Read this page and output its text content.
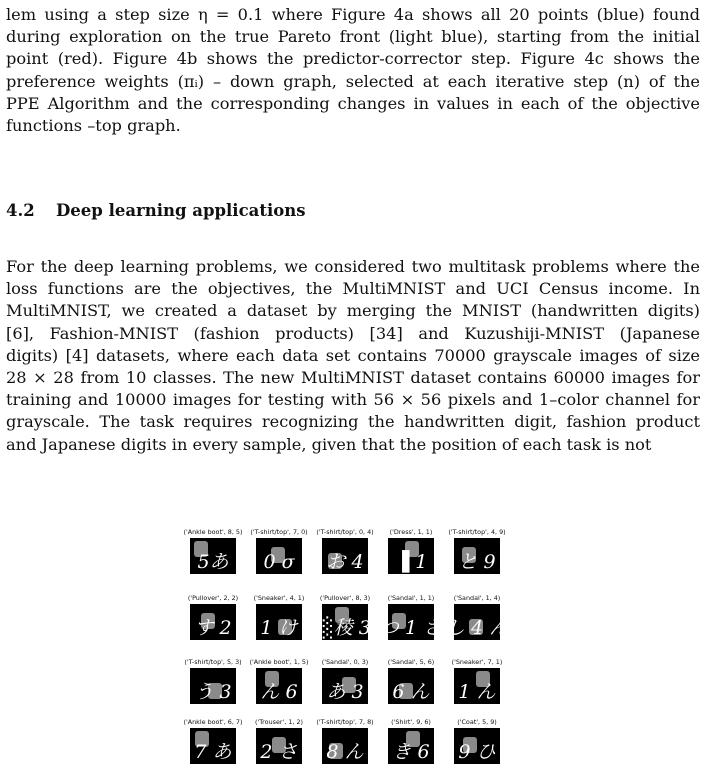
lem using a step size η = 0.1 where Figure 4a shows all 20 points (blue) found
during exploration on the true Pareto front (light blue), starting from the initial
point (red). Figure 4b shows the predictor-corrector step. Figure 4c shows the
preference weights (πᵢ) – down graph, selected at each iterative step (n) of the
PPE Algorithm and the corresponding changes in values in each of the objective
functions –top graph.
4.2 Deep learning applications
For the deep learning problems, we considered two multitask problems where the
loss functions are the objectives, the MultiMNIST and UCI Census income. In
MultiMNIST, we created a dataset by merging the MNIST (handwritten digits)
[6], Fashion-MNIST (fashion products) [34] and Kuzushiji-MNIST (Japanese
digits) [4] datasets, where each data set contains 70000 grayscale images of size
28 × 28 from 10 classes. The new MultiMNIST dataset contains 60000 images for
training and 10000 images for testing with 56 × 56 pixels and 1–color channel for
grayscale. The task requires recognizing the handwritten digit, fashion product
and Japanese digits in every sample, given that the position of each task is not
('Ankle boot', 8, 5)
5あ
('T-shirt/top', 7, 0)
0 σ
('T-shirt/top', 0, 4)
お 4
('Dress', 1, 1)
▐ 1
('T-shirt/top', 4, 9)
と 9
('Pullover', 2, 2)
す 2
('Sneaker', 4, 1)
1 け
('Pullover', 8, 3)
░稜 3
('Sandal', 1, 1)
つ 1 さ
('Sandal', 1, 4)
し 4 ん
('T-shirt/top', 5, 3)
う 3
('Ankle boot', 1, 5)
ん 6
('Sandal', 0, 3)
あ 3
('Sandal', 5, 6)
6 ん
('Sneaker', 7, 1)
1 ん
('Ankle boot', 6, 7)
7 あ
('Trouser', 1, 2)
2 さ
('T-shirt/top', 7, 8)
8 ん
('Shirt', 9, 6)
き 6
('Coat', 5, 9)
9 ひ
